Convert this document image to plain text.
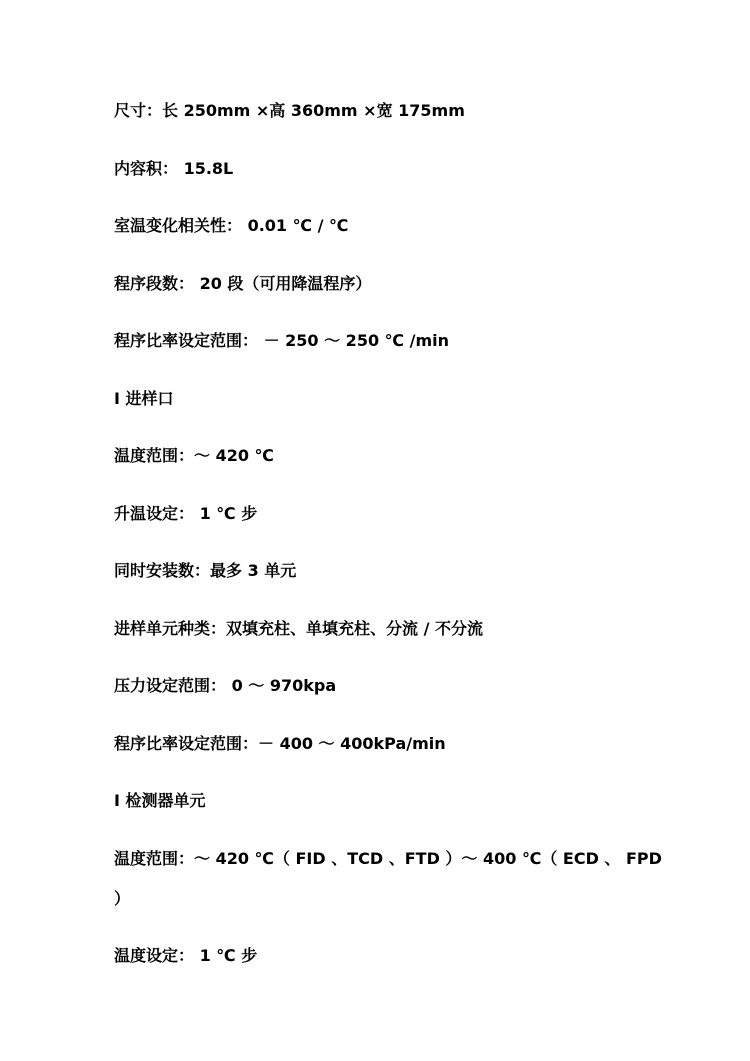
尺寸：长 250mm ×高 360mm ×宽 175mm
内容积： 15.8L
室温变化相关性： 0.01 ℃ / ℃
程序段数： 20 段（可用降温程序）
程序比率设定范围： － 250 ～ 250 ℃ /min
I 进样口
温度范围：～ 420 ℃
升温设定： 1 ℃ 步
同时安装数：最多 3 单元
进样单元种类：双填充柱、单填充柱、分流 / 不分流
压力设定范围： 0 ～ 970kpa
程序比率设定范围：－ 400 ～ 400kPa/min
I 检测器单元
温度范围：～ 420 ℃（ FID 、TCD 、FTD ）～ 400 ℃（ ECD 、 FPD ）
温度设定： 1 ℃ 步
